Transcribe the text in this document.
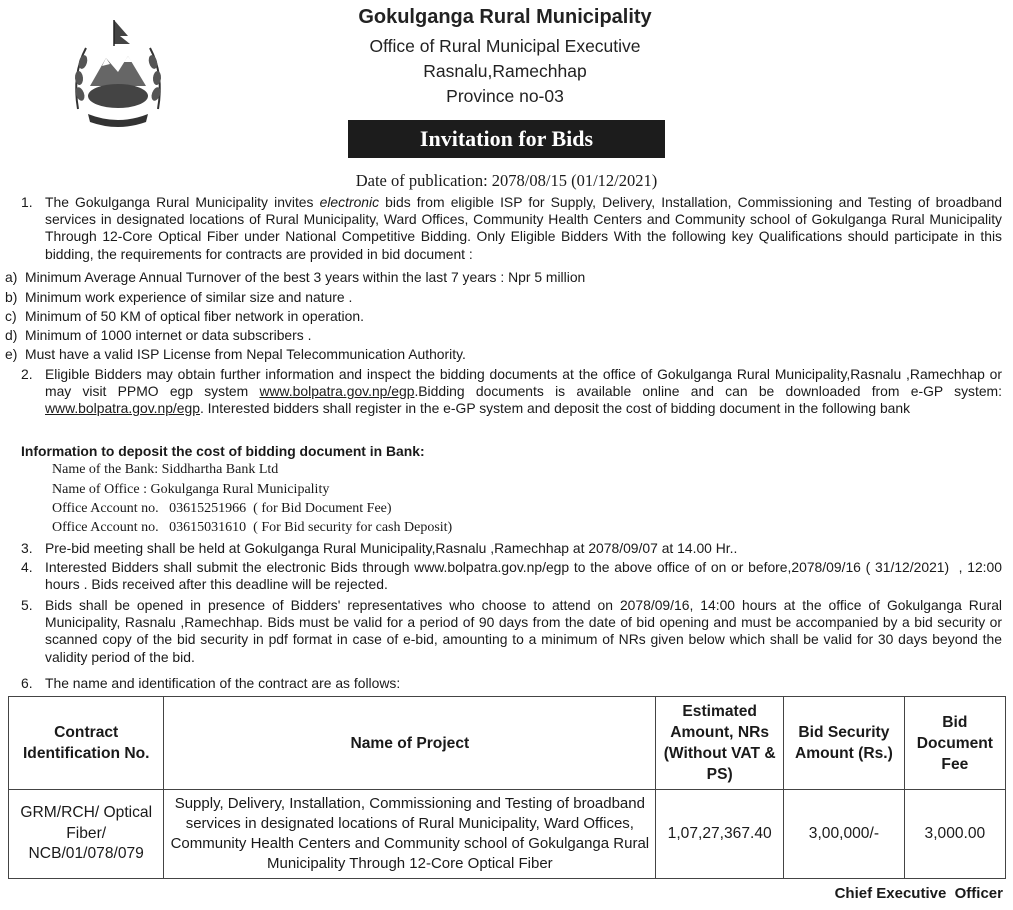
Gokulganga Rural Municipality
Office of Rural Municipal Executive
Rasnalu,Ramechhap
Province no-03
Invitation for Bids
Date of publication: 2078/08/15 (01/12/2021)
1. The Gokulganga Rural Municipality invites electronic bids from eligible ISP for Supply, Delivery, Installation, Commissioning and Testing of broadband services in designated locations of Rural Municipality, Ward Offices, Community Health Centers and Community school of Gokulganga Rural Municipality Through 12-Core Optical Fiber under National Competitive Bidding. Only Eligible Bidders With the following key Qualifications should participate in this bidding, the requirements for contracts are provided in bid document :
a) Minimum Average Annual Turnover of the best 3 years within the last 7 years : Npr 5 million
b) Minimum work experience of similar size and nature .
c) Minimum of 50 KM of optical fiber network in operation.
d) Minimum of 1000 internet or data subscribers .
e) Must have a valid ISP License from Nepal Telecommunication Authority.
2. Eligible Bidders may obtain further information and inspect the bidding documents at the office of Gokulganga Rural Municipality,Rasnalu ,Ramechhap or may visit PPMO egp system www.bolpatra.gov.np/egp.Bidding documents is available online and can be downloaded from e-GP system: www.bolpatra.gov.np/egp. Interested bidders shall register in the e-GP system and deposit the cost of bidding document in the following bank
Information to deposit the cost of bidding document in Bank:
Name of the Bank: Siddhartha Bank Ltd
Name of Office : Gokulganga Rural Municipality
Office Account no.   03615251966  ( for Bid Document Fee)
Office Account no.   03615031610  ( For Bid security for cash Deposit)
3. Pre-bid meeting shall be held at Gokulganga Rural Municipality,Rasnalu ,Ramechhap at 2078/09/07 at 14.00 Hr..
4. Interested Bidders shall submit the electronic Bids through www.bolpatra.gov.np/egp to the above office of on or before,2078/09/16 ( 31/12/2021)  , 12:00 hours . Bids received after this deadline will be rejected.
5. Bids shall be opened in presence of Bidders' representatives who choose to attend on 2078/09/16, 14:00 hours at the office of Gokulganga Rural Municipality, Rasnalu ,Ramechhap. Bids must be valid for a period of 90 days from the date of bid opening and must be accompanied by a bid security or scanned copy of the bid security in pdf format in case of e-bid, amounting to a minimum of NRs given below which shall be valid for 30 days beyond the validity period of the bid.
6. The name and identification of the contract are as follows:
Contract Identification No.	Name of Project	Estimated Amount, NRs (Without VAT & PS)	Bid Security Amount (Rs.)	Bid Document Fee
GRM/RCH/ Optical Fiber/ NCB/01/078/079	Supply, Delivery, Installation, Commissioning and Testing of broadband services in designated locations of Rural Municipality, Ward Offices, Community Health Centers and Community school of Gokulganga Rural Municipality Through 12-Core Optical Fiber	1,07,27,367.40	3,00,000/-	3,000.00
Chief Executive  Officer
